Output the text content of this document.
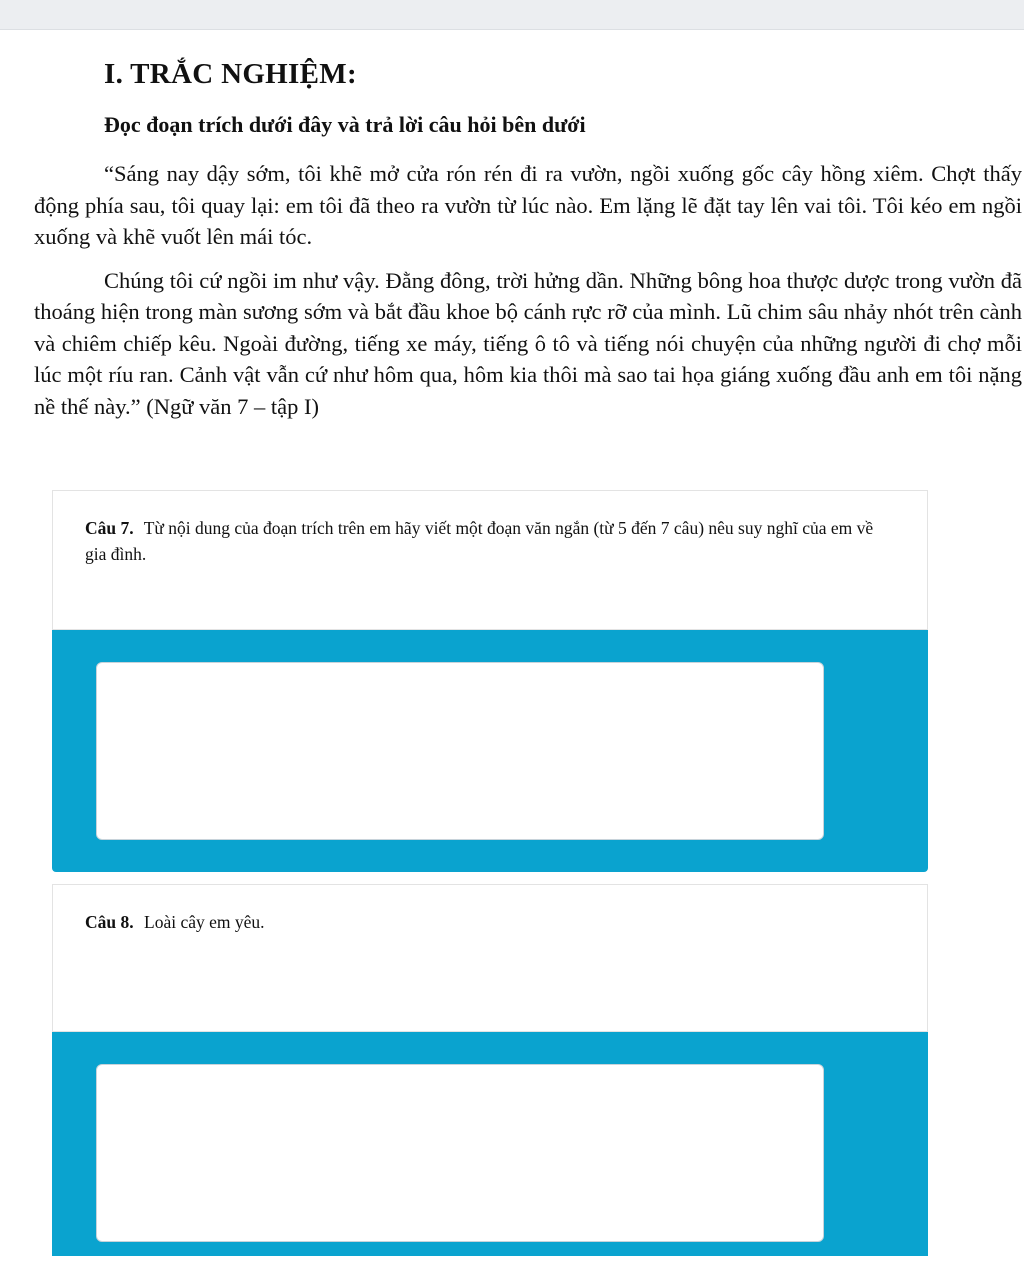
I. TRẮC NGHIỆM:
Đọc đoạn trích dưới đây và trả lời câu hỏi bên dưới

“Sáng nay dậy sớm, tôi khẽ mở cửa rón rén đi ra vườn, ngồi xuống gốc cây hồng xiêm. Chợt thấy động phía sau, tôi quay lại: em tôi đã theo ra vườn từ lúc nào. Em lặng lẽ đặt tay lên vai tôi. Tôi kéo em ngồi xuống và khẽ vuốt lên mái tóc.

Chúng tôi cứ ngồi im như vậy. Đằng đông, trời hửng dần. Những bông hoa thược dược trong vườn đã thoáng hiện trong màn sương sớm và bắt đầu khoe bộ cánh rực rỡ của mình. Lũ chim sâu nhảy nhót trên cành và chiêm chiếp kêu. Ngoài đường, tiếng xe máy, tiếng ô tô và tiếng nói chuyện của những người đi chợ mỗi lúc một ríu ran. Cảnh vật vẫn cứ như hôm qua, hôm kia thôi mà sao tai họa giáng xuống đầu anh em tôi nặng nề thế này.” (Ngữ văn 7 – tập I)

Câu 7. Từ nội dung của đoạn trích trên em hãy viết một đoạn văn ngắn (từ 5 đến 7 câu) nêu suy nghĩ của em về gia đình.
Câu 8. Loài cây em yêu.
